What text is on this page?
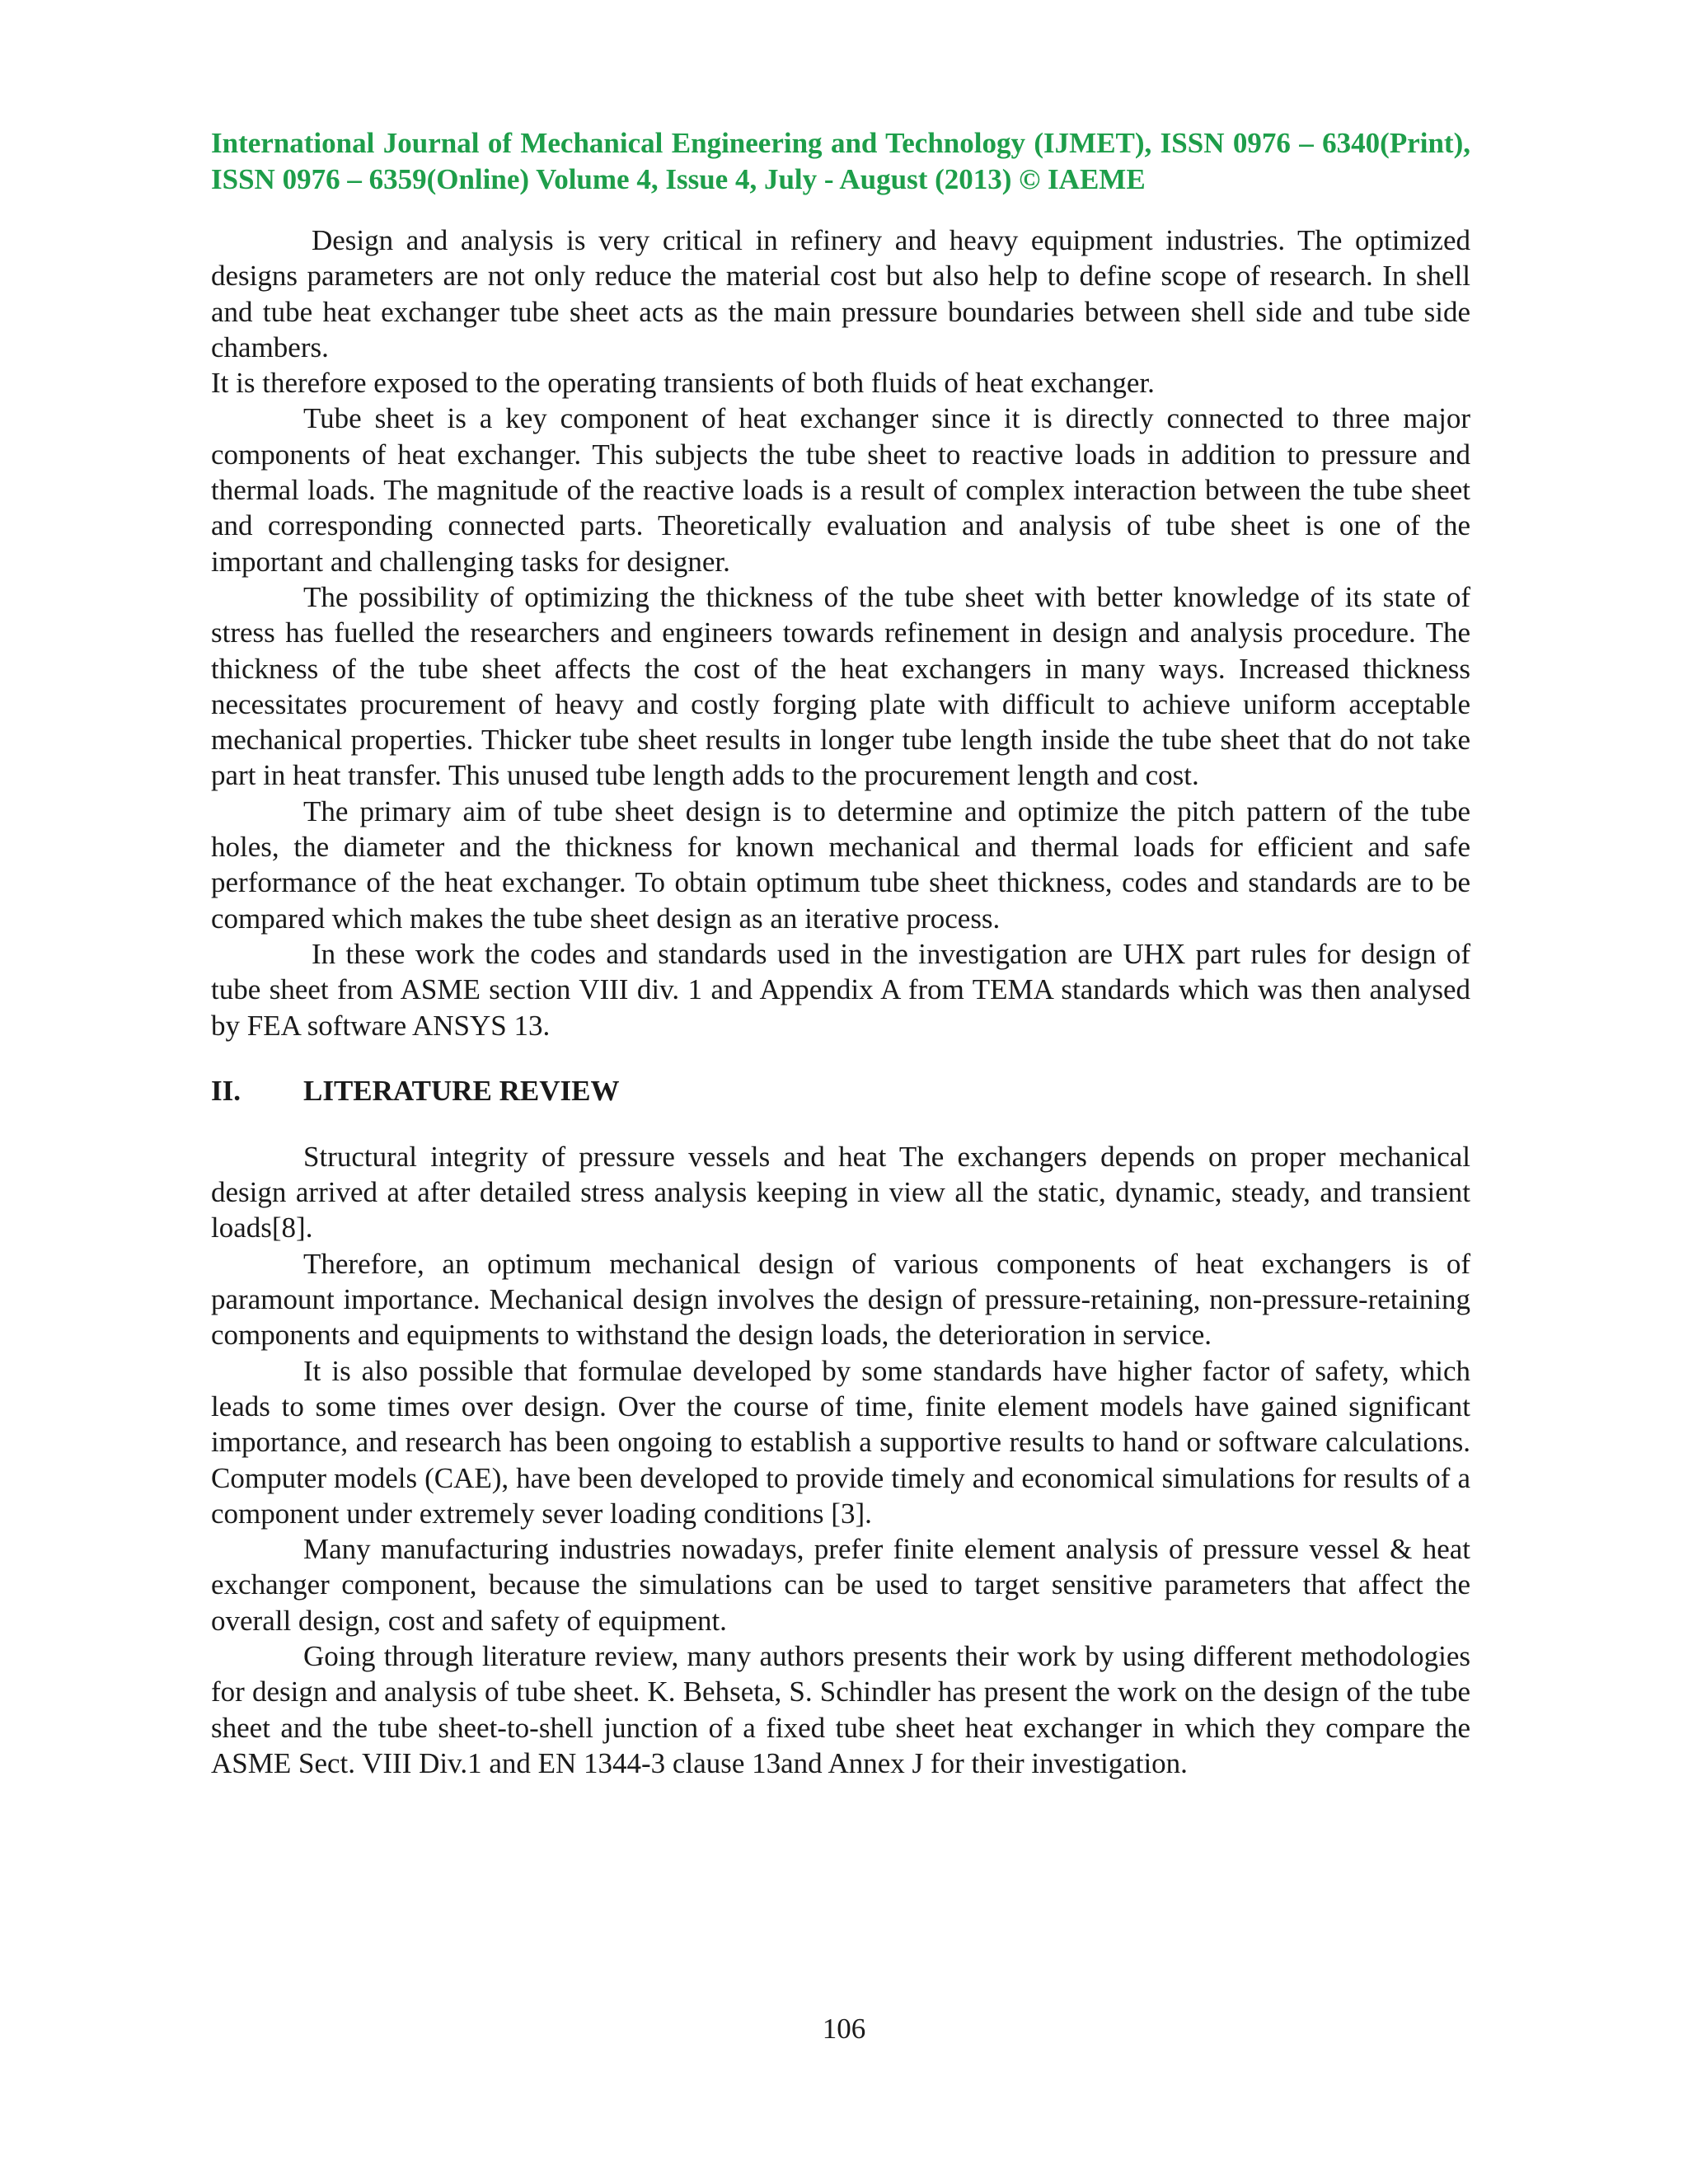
International Journal of Mechanical Engineering and Technology (IJMET), ISSN 0976 – 6340(Print), ISSN 0976 – 6359(Online) Volume 4, Issue 4, July - August (2013) © IAEME

Design and analysis is very critical in refinery and heavy equipment industries. The optimized designs parameters are not only reduce the material cost but also help to define scope of research. In shell and tube heat exchanger tube sheet acts as the main pressure boundaries between shell side and tube side chambers.

It is therefore exposed to the operating transients of both fluids of heat exchanger.

Tube sheet is a key component of heat exchanger since it is directly connected to three major components of heat exchanger. This subjects the tube sheet to reactive loads in addition to pressure and thermal loads. The magnitude of the reactive loads is a result of complex interaction between the tube sheet and corresponding connected parts. Theoretically evaluation and analysis of tube sheet is one of the important and challenging tasks for designer.

The possibility of optimizing the thickness of the tube sheet with better knowledge of its state of stress has fuelled the researchers and engineers towards refinement in design and analysis procedure. The thickness of the tube sheet affects the cost of the heat exchangers in many ways. Increased thickness necessitates procurement of heavy and costly forging plate with difficult to achieve uniform acceptable mechanical properties. Thicker tube sheet results in longer tube length inside the tube sheet that do not take part in heat transfer. This unused tube length adds to the procurement length and cost.

The primary aim of tube sheet design is to determine and optimize the pitch pattern of the tube holes, the diameter and the thickness for known mechanical and thermal loads for efficient and safe performance of the heat exchanger. To obtain optimum tube sheet thickness, codes and standards are to be compared which makes the tube sheet design as an iterative process.

In these work the codes and standards used in the investigation are UHX part rules for design of tube sheet from ASME section VIII div. 1 and Appendix A from TEMA standards which was then analysed by FEA software ANSYS 13.

II.	LITERATURE REVIEW

Structural integrity of pressure vessels and heat The exchangers depends on proper mechanical design arrived at after detailed stress analysis keeping in view all the static, dynamic, steady, and transient loads[8].

Therefore, an optimum mechanical design of various components of heat exchangers is of paramount importance. Mechanical design involves the design of pressure-retaining, non-pressure-retaining components and equipments to withstand the design loads, the deterioration in service.

It is also possible that formulae developed by some standards have higher factor of safety, which leads to some times over design. Over the course of time, finite element models have gained significant importance, and research has been ongoing to establish a supportive results to hand or software calculations. Computer models (CAE), have been developed to provide timely and economical simulations for results of a component under extremely sever loading conditions [3].

Many manufacturing industries nowadays, prefer finite element analysis of pressure vessel & heat exchanger component, because the simulations can be used to target sensitive parameters that affect the overall design, cost and safety of equipment.

Going through literature review, many authors presents their work by using different methodologies for design and analysis of tube sheet. K. Behseta, S. Schindler has present the work on the design of the tube sheet and the tube sheet-to-shell junction of a fixed tube sheet heat exchanger in which they compare the ASME Sect. VIII Div.1 and EN 1344-3 clause 13and Annex J for their investigation.

106
